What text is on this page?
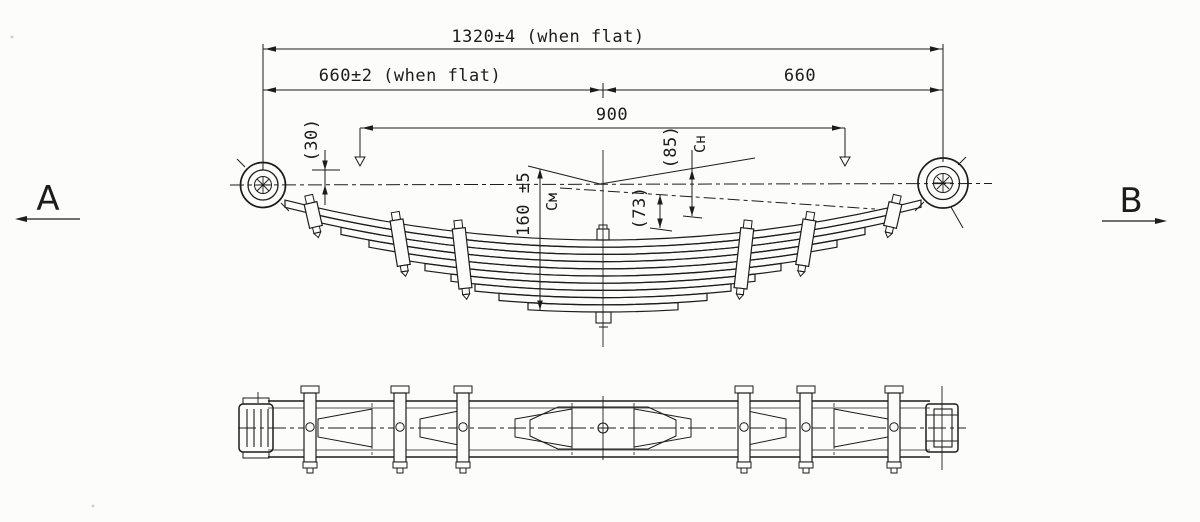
1320±4 (when flat)
660±2 (when flat)	660
900
(30)
160 ±5 См	(73)
(85) Сн
A	B
